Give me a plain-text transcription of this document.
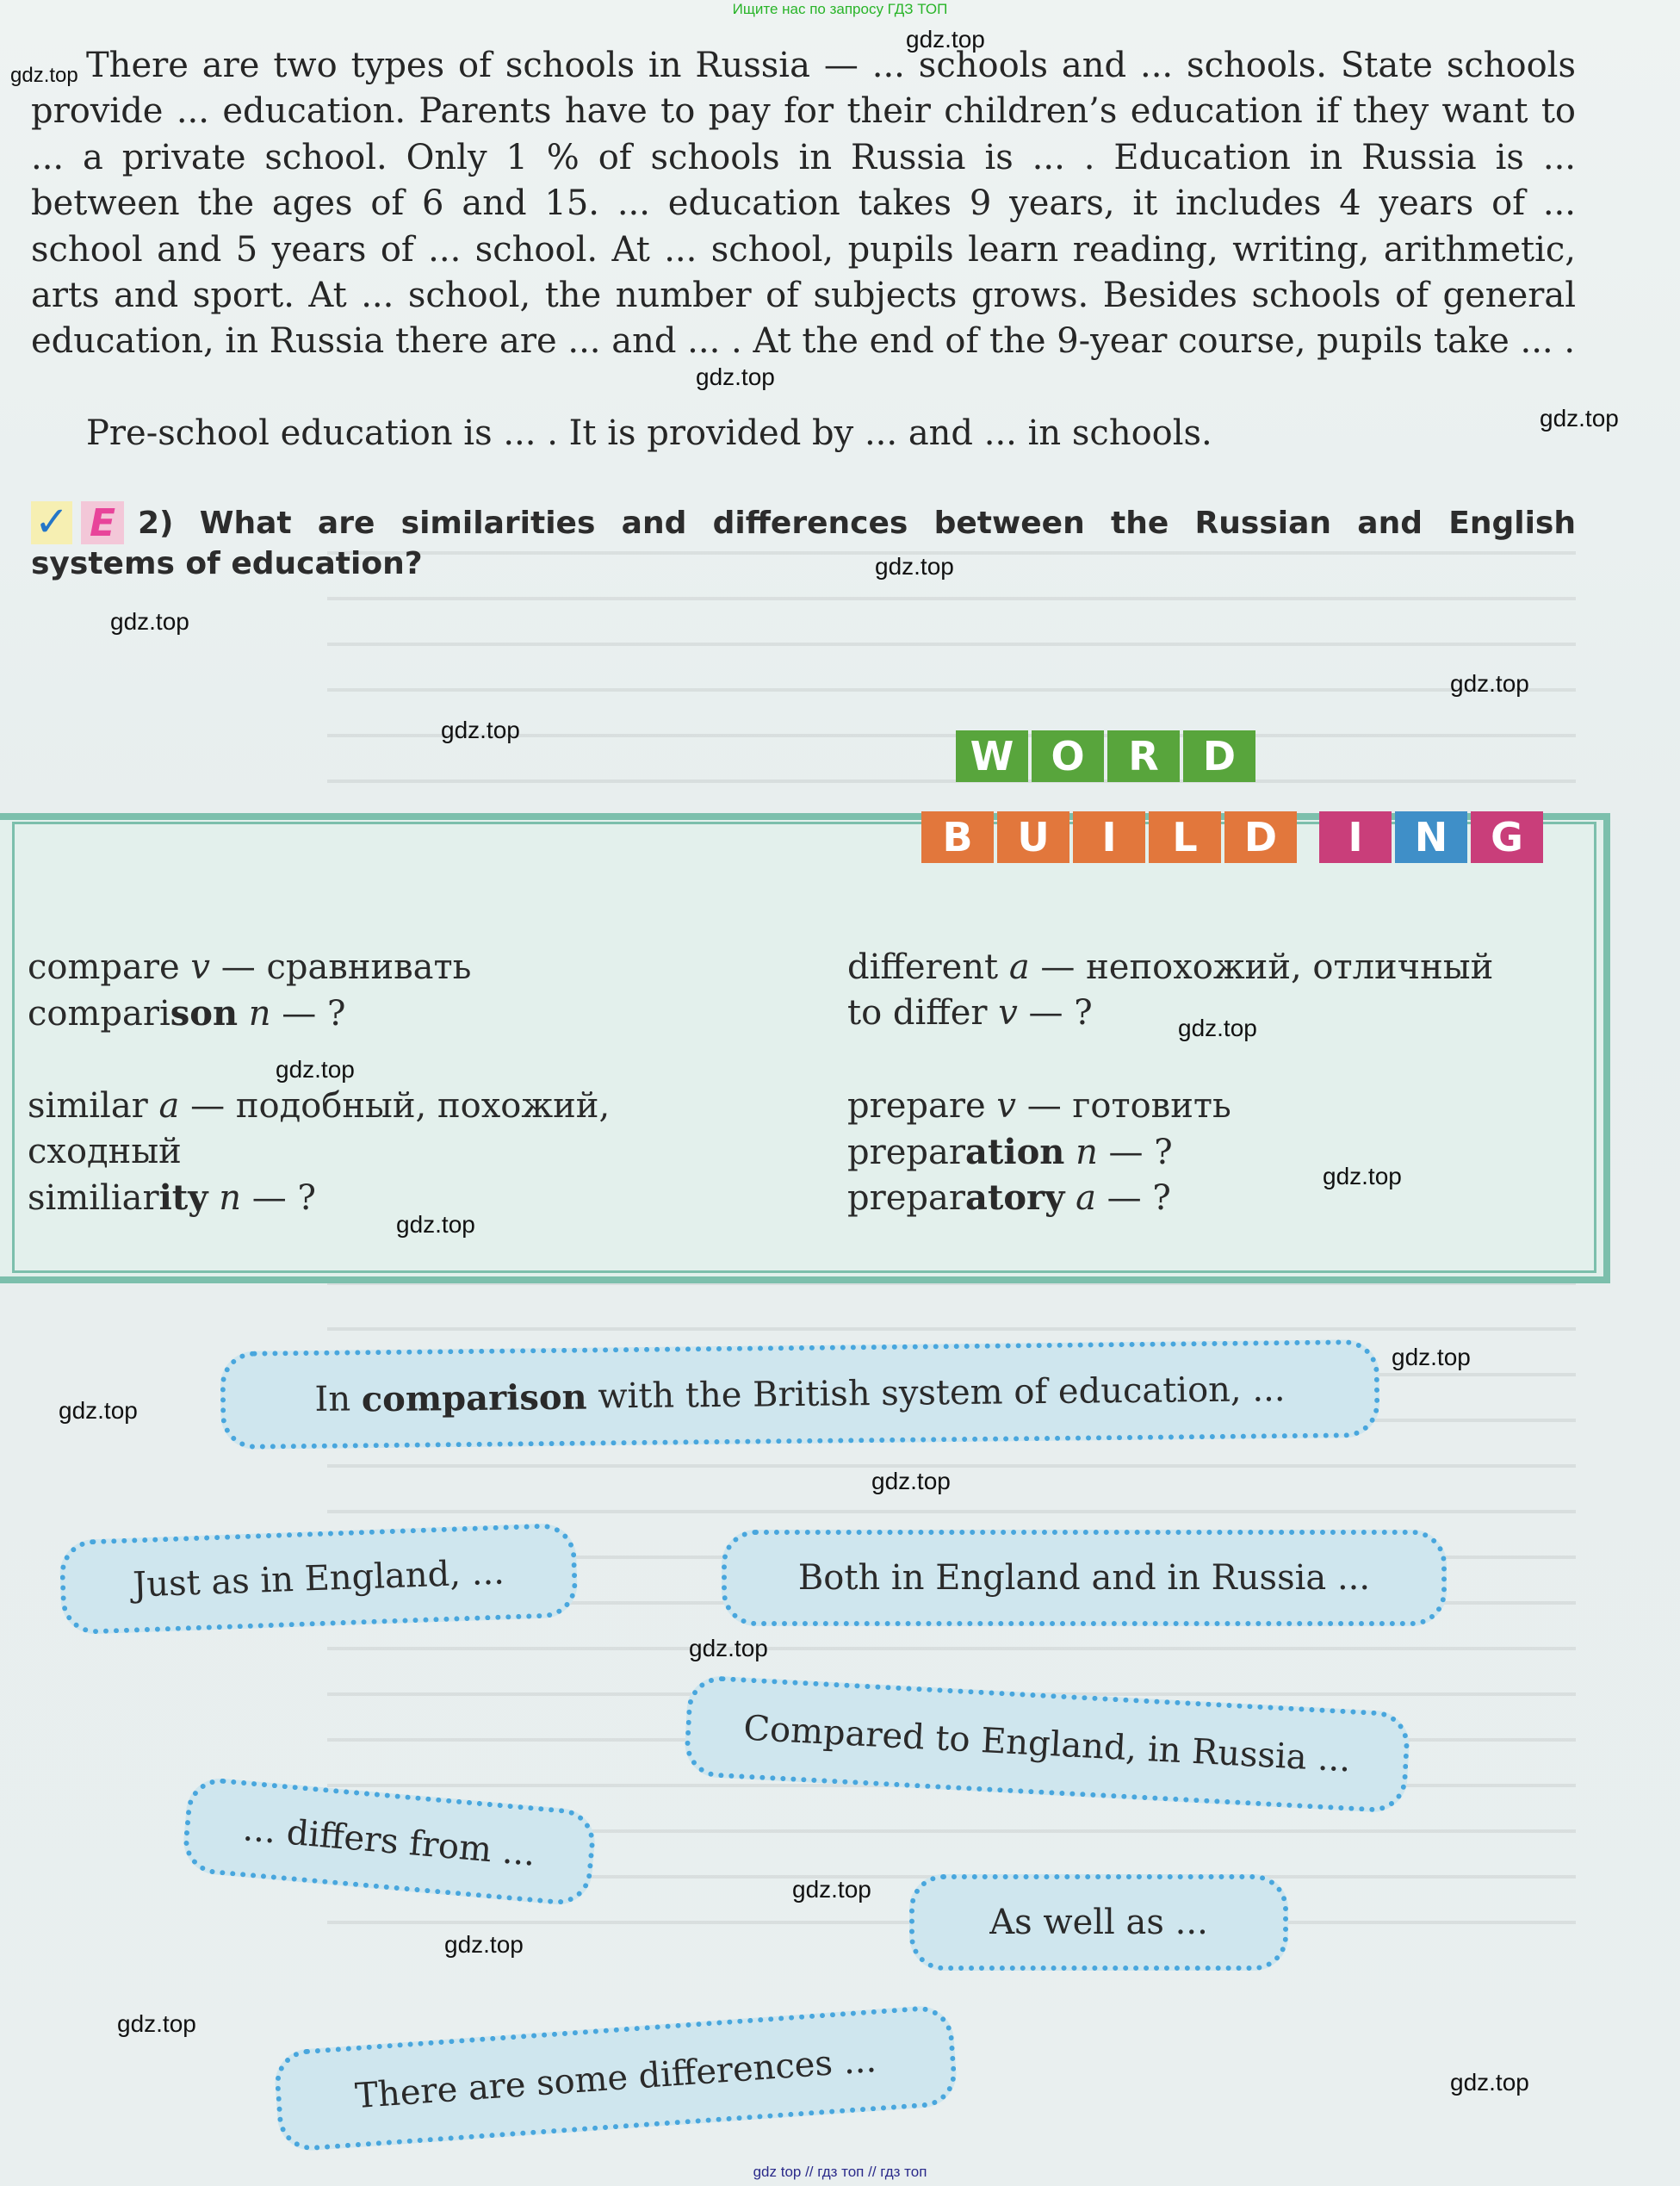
Ищите нас по запросу ГДЗ ТОП

There are two types of schools in Russia — ... schools and ... schools. State schools provide ... education. Parents have to pay for their children’s education if they want to ... a private school. Only 1 % of schools in Russia is ... . Education in Russia is ... between the ages of 6 and 15. ... education takes 9 years, it includes 4 years of ... school and 5 years of ... school. At ... school, pupils learn reading, writing, arithmetic, arts and sport. At ... school, the number of subjects grows. Besides schools of general education, in Russia there are ... and ... . At the end of the 9-year course, pupils take ... .

Pre-school education is ... . It is provided by ... and ... in schools.

✓ E 2) What are similarities and differences between the Russian and English systems of education?

W O	R	D
B	U	I	L	D	I	N	G
compare v — сравнивать
comparison n — ?
similar a — подобный, похожий,
сходный
similiarity n — ?
different a — непохожий, отличный
to differ v — ?
prepare v — готовить
preparation n — ?
preparatory a — ?
In
comparison
with the British system of education, ...
Just as in England, ...	Both in England and in Russia ...
Compared to England, in Russia ...
... differs from ...
As well as ...
There are some differences ...
gdz.top
gdz.top
gdz.top
gdz.top
gdz.top
gdz.top
gdz.top
gdz.top
gdz.top
gdz.top
gdz.top
gdz.top
gdz.top
gdz.top
gdz.top
gdz.top
gdz.top
gdz.top
gdz.top
gdz.top
gdz top // гдз топ // гдз топ
